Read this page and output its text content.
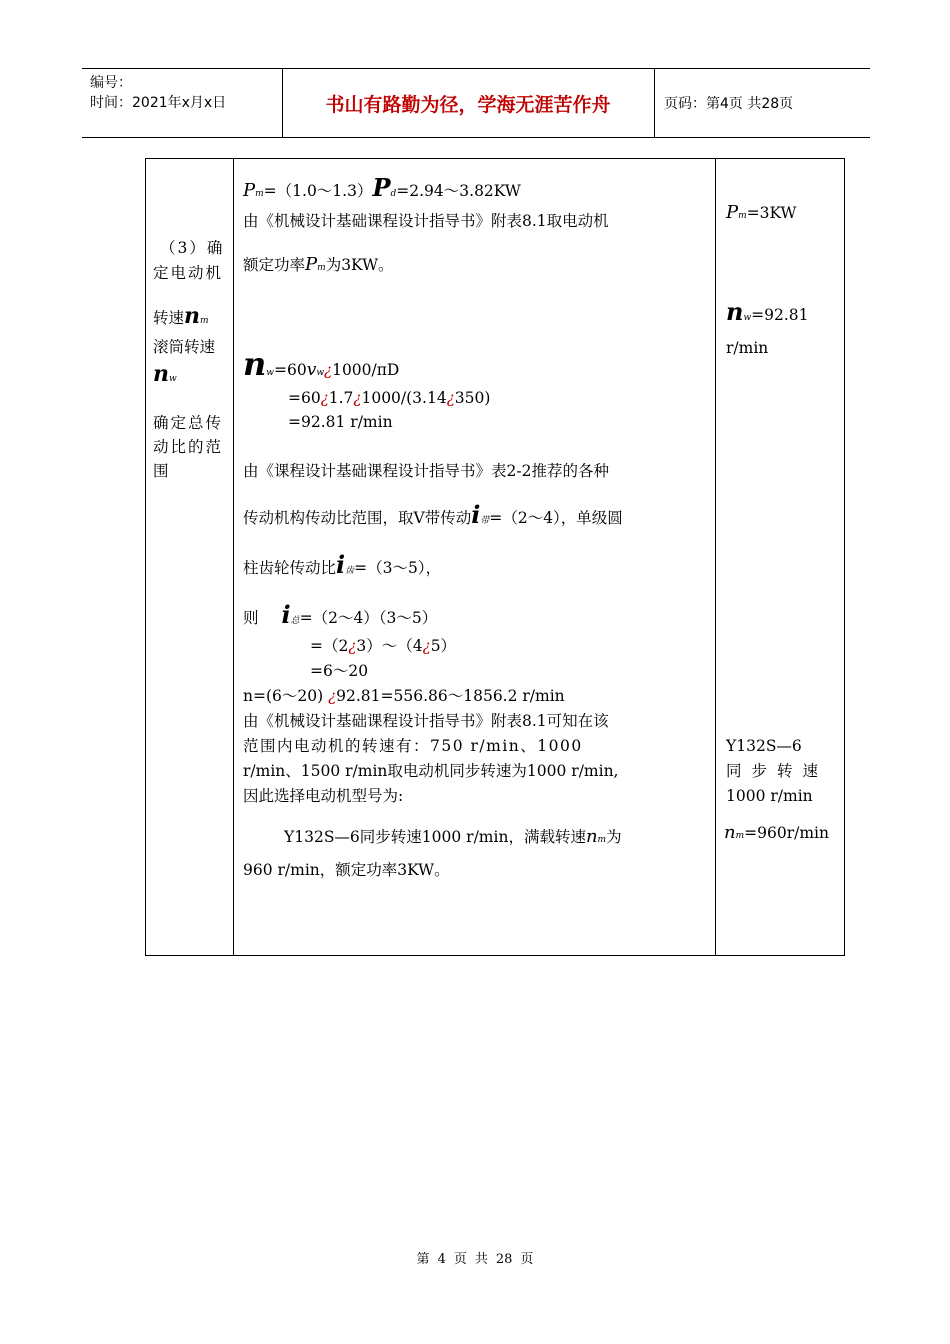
编号：
时间：2021年x月x日	书山有路勤为径，学海无涯苦作舟	页码：第4页 共28页
（3）确
定电动机
转速nm
滚筒转速
nw
确定总传
动比的范
围
Pm=（1.0～1.3）Pd=2.94～3.82KW
由《机械设计基础课程设计指导书》附表8.1取电动机
额定功率Pm为3KW。
nw=60vw¿1000/πD
=60¿1.7¿1000/(3.14¿350)
=92.81 r/min
由《课程设计基础课程设计指导书》表2-2推荐的各种
传动机构传动比范围，取V带传动i带=（2～4），单级圆
柱齿轮传动比i齿=（3～5），
则 i总=（2～4）（3～5）
=（2¿3）～（4¿5）
=6～20
n=(6～20) ¿92.81=556.86～1856.2 r/min
由《机械设计基础课程设计指导书》附表8.1可知在该
范围内电动机的转速有：750 r/min、1000
r/min、1500 r/min取电动机同步转速为1000 r/min,
因此选择电动机型号为:
Y132S—6同步转速1000 r/min，满载转速nm为
960 r/min，额定功率3KW。
Pm=3KW
nw=92.81
r/min
Y132S—6
同步转速
1000 r/min
nm=960r/min
第 4 页 共 28 页
